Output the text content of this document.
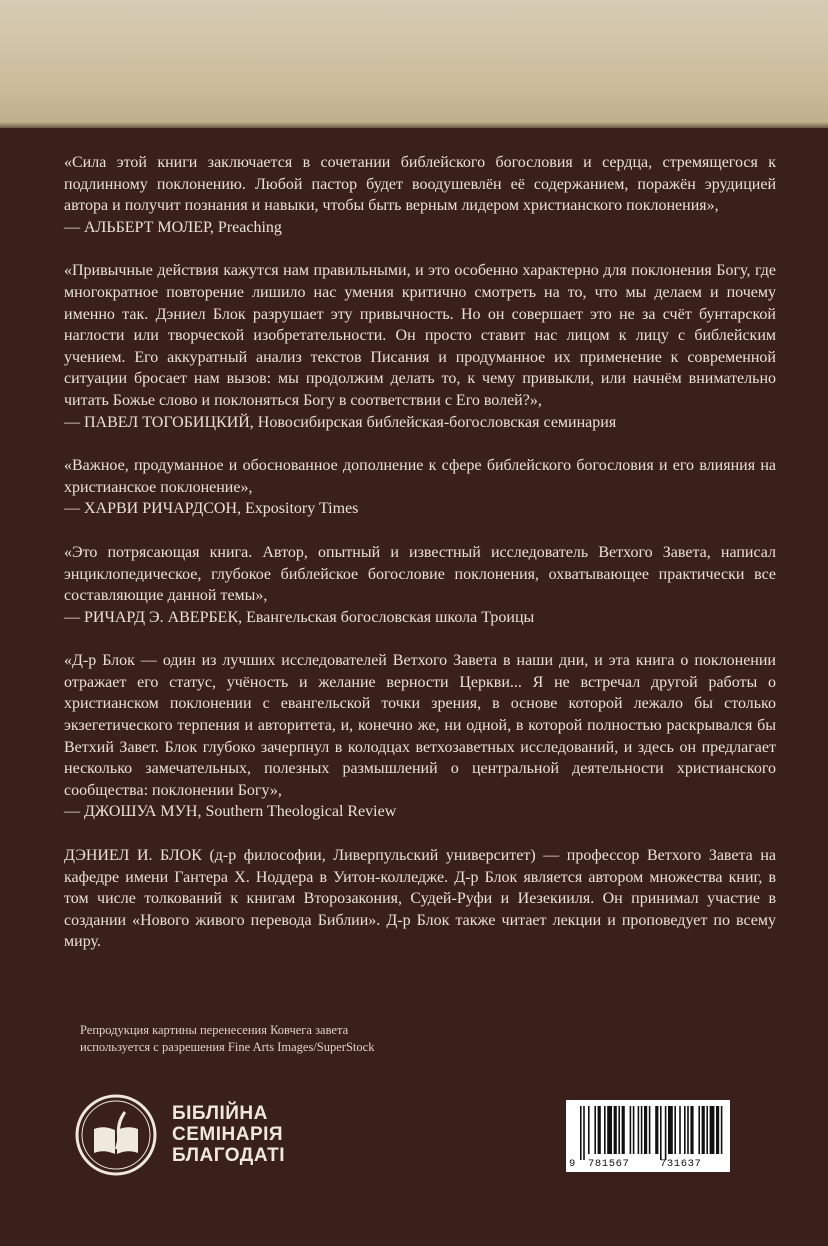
«Сила этой книги заключается в сочетании библейского богословия и сердца, стремящегося к подлинному поклонению. Любой пастор будет воодушевлён её содержанием, поражён эрудицией автора и получит познания и навыки, чтобы быть верным лидером христианского поклонения»,

— АЛЬБЕРТ МОЛЕР, Preaching

«Привычные действия кажутся нам правильными, и это особенно характерно для поклонения Богу, где многократное повторение лишило нас умения критично смотреть на то, что мы делаем и почему именно так. Дэниел Блок разрушает эту привычность. Но он совершает это не за счёт бунтарской наглости или творческой изобретательности. Он просто ставит нас лицом к лицу с библейским учением. Его аккуратный анализ текстов Писания и продуманное их применение к современной ситуации бросает нам вызов: мы продолжим делать то, к чему привыкли, или начнём внимательно читать Божье слово и поклоняться Богу в соответствии с Его волей?»,

— ПАВЕЛ ТОГОБИЦКИЙ, Новосибирская библейская-богословская семинария

«Важное, продуманное и обоснованное дополнение к сфере библейского богословия и его влияния на христианское поклонение»,

— ХАРВИ РИЧАРДСОН, Expository Times

«Это потрясающая книга. Автор, опытный и известный исследователь Ветхого Завета, написал энциклопедическое, глубокое библейское богословие поклонения, охватывающее практически все составляющие данной темы»,

— РИЧАРД Э. АВЕРБЕК, Евангельская богословская школа Троицы

«Д-р Блок — один из лучших исследователей Ветхого Завета в наши дни, и эта книга о поклонении отражает его статус, учёность и желание верности Церкви... Я не встречал другой работы о христианском поклонении с евангельской точки зрения, в основе которой лежало бы столько экзегетического терпения и авторитета, и, конечно же, ни одной, в которой полностью раскрывался бы Ветхий Завет. Блок глубоко зачерпнул в колодцах ветхозаветных исследований, и здесь он предлагает несколько замечательных, полезных размышлений о центральной деятельности христианского сообщества: поклонении Богу»,

— ДЖОШУА МУН, Southern Theological Review

ДЭНИЕЛ И. БЛОК (д-р философии, Ливерпульский университет) — профессор Ветхого Завета на кафедре имени Гантера Х. Ноддера в Уитон-колледже. Д-р Блок является автором множества книг, в том числе толкований к книгам Второзакония, Судей-Руфи и Иезекииля. Он принимал участие в создании «Нового живого перевода Библии». Д-р Блок также читает лекции и проповедует по всему миру.

Репродукция картины перенесения Ковчега завета
используется с разрешения Fine Arts Images/SuperStock
БІБЛІЙНА
СЕМІНАРІЯ
БЛАГОДАТІ	9 781567	731637
